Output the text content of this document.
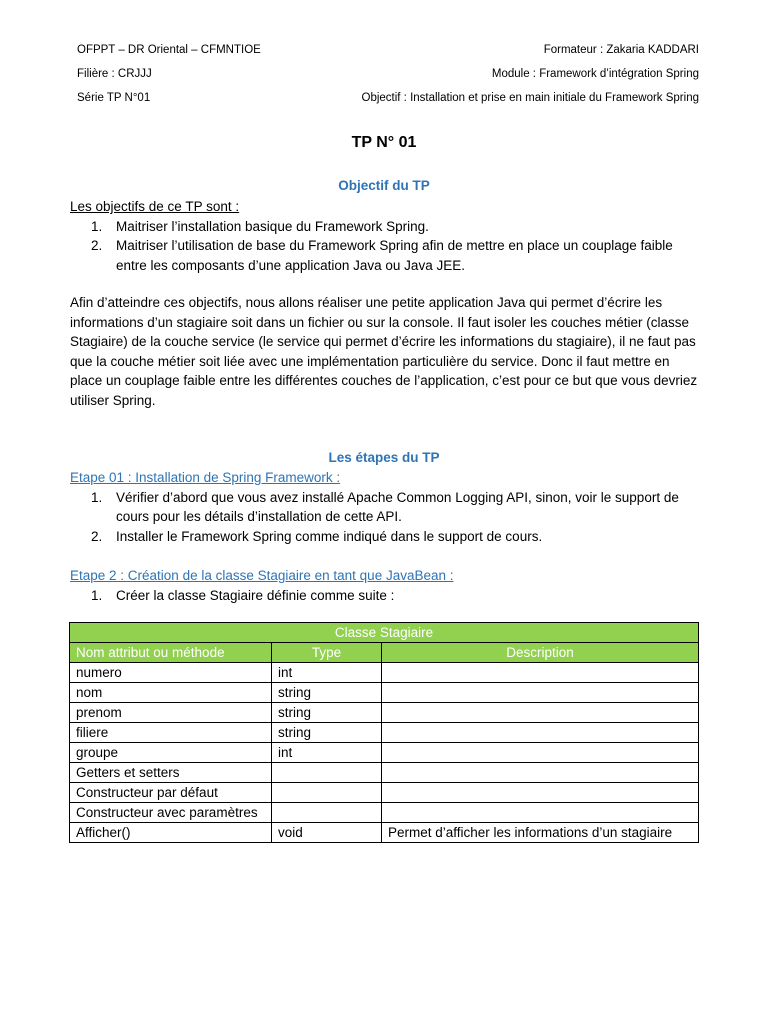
OFPPT – DR Oriental – CFMNTIOE
Filière : CRJJJ
Série TP N°01
Formateur : Zakaria KADDARI
Module : Framework d’intégration Spring
Objectif : Installation et prise en main initiale du Framework Spring
TP N° 01
Objectif du TP
Les objectifs de ce TP sont :
1. Maitriser l’installation basique du Framework Spring.
2. Maitriser l’utilisation de base du Framework Spring afin de mettre en place un couplage faible entre les composants d’une application Java ou Java JEE.
Afin d’atteindre ces objectifs, nous allons réaliser une petite application Java qui permet d’écrire les informations d’un stagiaire soit dans un fichier ou sur la console. Il faut isoler les couches métier (classe Stagiaire) de la couche service (le service qui permet d’écrire les informations du stagiaire), il ne faut pas que la couche métier soit liée avec une implémentation particulière du service. Donc il faut mettre en place un couplage faible entre les différentes couches de l’application, c’est pour ce but que vous devriez utiliser Spring.
Les étapes du TP
Etape 01 : Installation de Spring Framework :
1. Vérifier d’abord que vous avez installé Apache Common Logging API, sinon, voir le support de cours pour les détails d’installation de cette API.
2. Installer le Framework Spring comme indiqué dans le support de cours.
Etape 2 : Création de la classe Stagiaire en tant que JavaBean :
1. Créer la classe Stagiaire définie comme suite :
Classe Stagiaire		
Nom attribut ou méthode	Type	Description
numero	int	
nom	string	
prenom	string	
filiere	string	
groupe	int	
Getters et setters		
Constructeur par défaut		
Constructeur avec paramètres		
Afficher()	void	Permet d’afficher les informations d’un stagiaire
